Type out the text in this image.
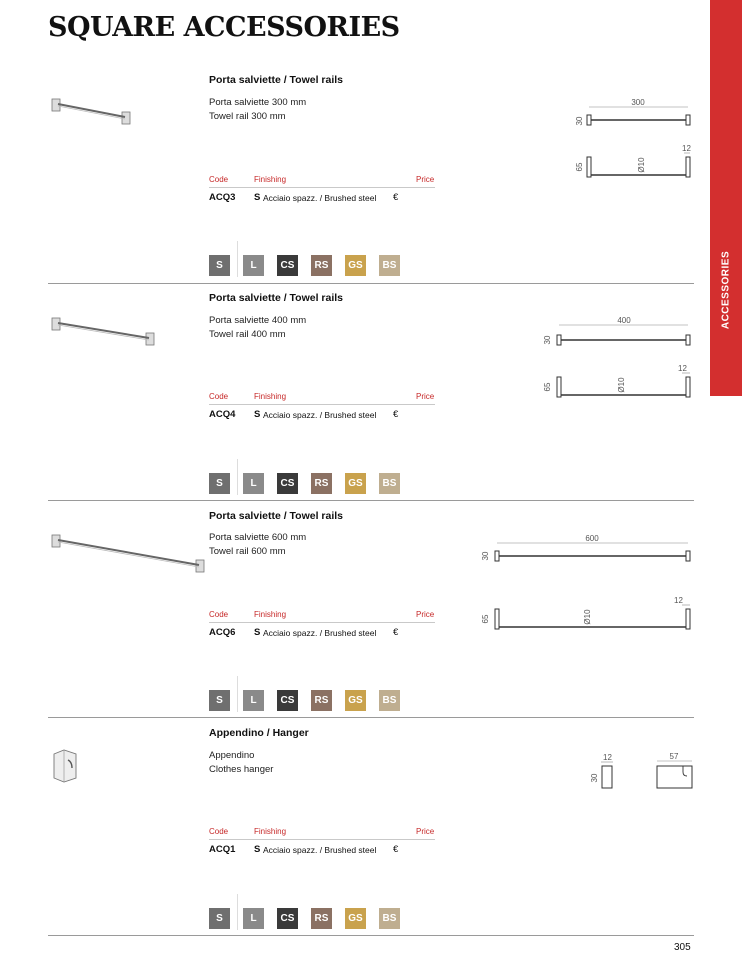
SQUARE ACCESSORIES
ACCESSORIES
Porta salviette / Towel rails
Porta salviette 300 mm
Towel rail 300 mm
Code	Finishing	Price
ACQ3 S Acciaio spazz. / Brushed steel €
S	L	CS	RS	GS	BS
300
30
12
65	Ø10
Porta salviette / Towel rails
Porta salviette 400 mm
Towel rail 400 mm
Code	Finishing	Price
ACQ4 S Acciaio spazz. / Brushed steel €
S	L	CS	RS	GS	BS
400
30
12
65	Ø10
Porta salviette / Towel rails
Porta salviette 600 mm
Towel rail 600 mm
Code	Finishing	Price
ACQ6 S Acciaio spazz. / Brushed steel €
S	L	CS	RS	GS	BS
600
30
12
65	Ø10
Appendino / Hanger
Appendino
Clothes hanger
Code	Finishing	Price
ACQ1 S Acciaio spazz. / Brushed steel €
S	L	CS	RS	GS	BS
12
30
57
305
